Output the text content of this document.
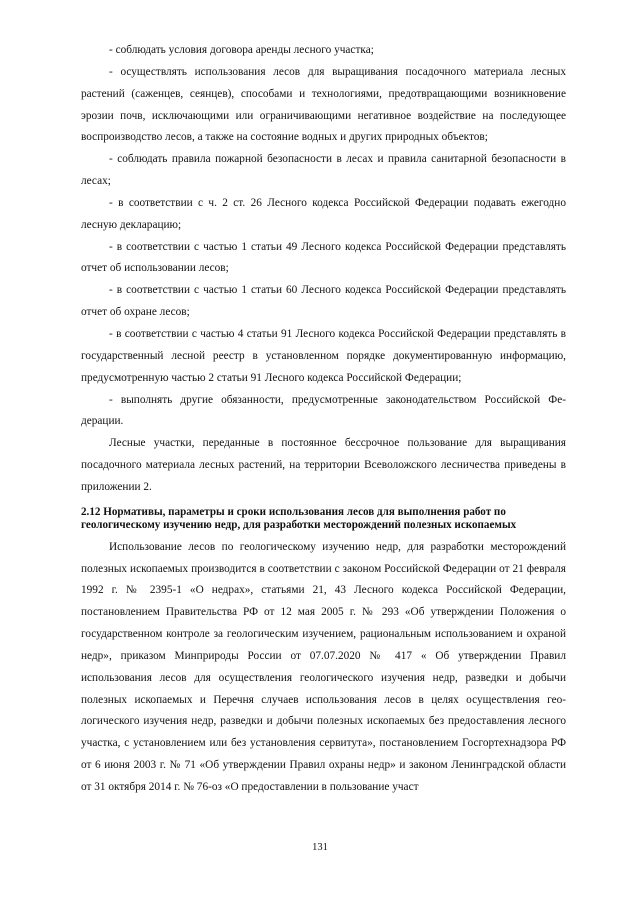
- соблюдать условия договора аренды лесного участка;

- осуществлять использования лесов для выращивания посадочного материала лесных растений (саженцев, сеянцев), способами и технологиями, предотвращающими возникновение эрозии почв, исключающими или ограничивающими негативное воздействие на последующее воспроизводство лесов, а также на состояние водных и других природных объектов;

- соблюдать правила пожарной безопасности в лесах и правила санитарной безопасности в лесах;

- в соответствии с ч. 2 ст. 26 Лесного кодекса Российской Федерации подавать ежегодно лесную декларацию;

- в соответствии с частью 1 статьи 49 Лесного кодекса Российской Федерации представлять отчет об использовании лесов;

- в соответствии с частью 1 статьи 60 Лесного кодекса Российской Федерации представлять отчет об охране лесов;

- в соответствии с частью 4 статьи 91 Лесного кодекса Российской Федерации представлять в государственный лесной реестр в установленном порядке документированную информацию, предусмотренную частью 2 статьи 91 Лесного кодекса Российской Федерации;

- выполнять другие обязанности, предусмотренные законодательством Российской Федерации.

Лесные участки, переданные в постоянное бессрочное пользование для выращивания посадочного материала лесных растений, на территории Всеволожского лесничества приведены в приложении 2.

2.12 Нормативы, параметры и сроки использования лесов для выполнения работ по
геологическому изучению недр, для разработки месторождений полезных ископаемых

Использование лесов по геологическому изучению недр, для разработки месторождений полезных ископаемых производится в соответствии с законом Российской Федерации от 21 февраля 1992 г. № 2395-1 «О недрах», статьями 21, 43 Лесного кодекса Российской Федерации, постановлением Правительства РФ от 12 мая 2005 г. № 293 «Об утверждении Положения о государственном контроле за геологическим изучением, рациональным использованием и охраной недр», приказом Минприроды России от 07.07.2020 № 417 « Об утверждении Правил использования лесов для осуществления геологического изучения недр, разведки и добычи полезных ископаемых и Перечня случаев использования лесов в целях осуществления геологического изучения недр, разведки и добычи полезных ископаемых без предоставления лесного участка, с установлением или без установления сервитута», постановлением Госгортехнадзора РФ от 6 июня 2003 г. № 71 «Об утверждении Правил охраны недр» и законом Ленинградской области от 31 октября 2014 г. № 76-оз «О предоставлении в пользование участ

131
